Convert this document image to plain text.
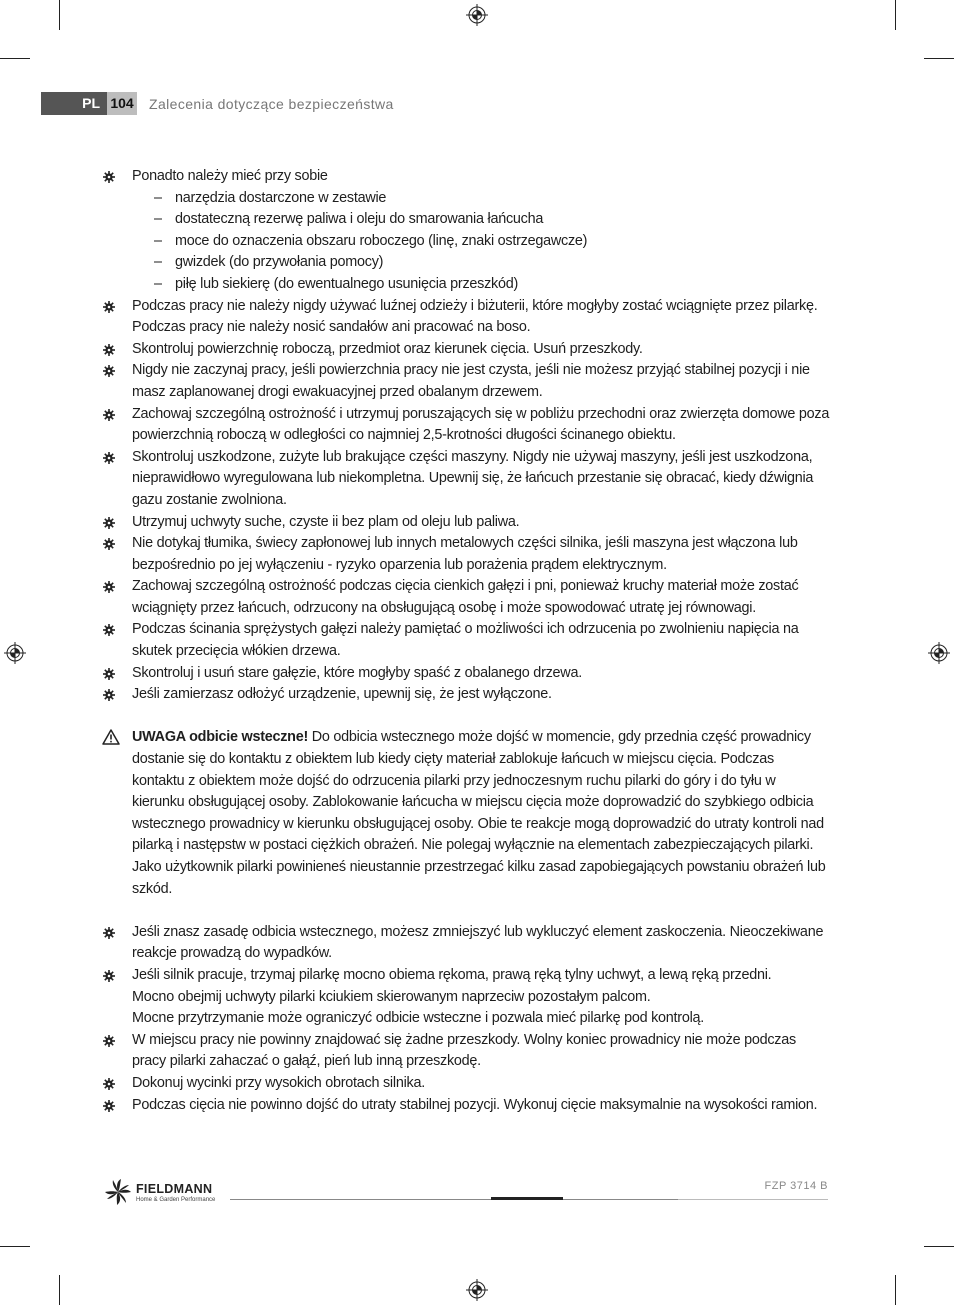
PL 104 Zalecenia dotyczące bezpieczeństwa
Ponadto należy mieć przy sobie
– narzędzia dostarczone w zestawie
– dostateczną rezerwę paliwa i oleju do smarowania łańcucha
– moce do oznaczenia obszaru roboczego (linę, znaki ostrzegawcze)
– gwizdek (do przywołania pomocy)
– piłę lub siekierę (do ewentualnego usunięcia przeszkód)
Podczas pracy nie należy nigdy używać luźnej odzieży i biżuterii, które mogłyby zostać wciągnięte przez pilarkę. Podczas pracy nie należy nosić sandałów ani pracować na boso.
Skontroluj powierzchnię roboczą, przedmiot oraz kierunek cięcia. Usuń przeszkody.
Nigdy nie zaczynaj pracy, jeśli powierzchnia pracy nie jest czysta, jeśli nie możesz przyjąć stabilnej pozycji i nie masz zaplanowanej drogi ewakuacyjnej przed obalanym drzewem.
Zachowaj szczególną ostrożność i utrzymuj poruszających się w pobliżu przechodni oraz zwierzęta domowe poza powierzchnią roboczą w odległości co najmniej 2,5-krotności długości ścinanego obiektu.
Skontroluj uszkodzone, zużyte lub brakujące części maszyny. Nigdy nie używaj maszyny, jeśli jest uszkodzona, nieprawidłowo wyregulowana lub niekompletna. Upewnij się, że łańcuch przestanie się obracać, kiedy dźwignia gazu zostanie zwolniona.
Utrzymuj uchwyty suche, czyste ii bez plam od oleju lub paliwa.
Nie dotykaj tłumika, świecy zapłonowej lub innych metalowych części silnika, jeśli maszyna jest włączona lub bezpośrednio po jej wyłączeniu - ryzyko oparzenia lub porażenia prądem elektrycznym.
Zachowaj szczególną ostrożność podczas cięcia cienkich gałęzi i pni, ponieważ kruchy materiał może zostać wciągnięty przez łańcuch, odrzucony na obsługującą osobę i może spowodować utratę jej równowagi.
Podczas ścinania sprężystych gałęzi należy pamiętać o możliwości ich odrzucenia po zwolnieniu napięcia na skutek przecięcia włókien drzewa.
Skontroluj i usuń stare gałęzie, które mogłyby spaść z obalanego drzewa.
Jeśli zamierzasz odłożyć urządzenie, upewnij się, że jest wyłączone.
UWAGA odbicie wsteczne! Do odbicia wstecznego może dojść w momencie, gdy przednia część prowadnicy dostanie się do kontaktu z obiektem lub kiedy cięty materiał zablokuje łańcuch w miejscu cięcia. Podczas kontaktu z obiektem może dojść do odrzucenia pilarki przy jednoczesnym ruchu pilarki do góry i do tyłu w kierunku obsługującej osoby. Zablokowanie łańcucha w miejscu cięcia może doprowadzić do szybkiego odbicia wstecznego prowadnicy w kierunku obsługującej osoby. Obie te reakcje mogą doprowadzić do utraty kontroli nad pilarką i następstw w postaci ciężkich obrażeń. Nie polegaj wyłącznie na elementach zabezpieczających pilarki. Jako użytkownik pilarki powinieneś nieustannie przestrzegać kilku zasad zapobiegających powstaniu obrażeń lub szkód.
Jeśli znasz zasadę odbicia wstecznego, możesz zmniejszyć lub wykluczyć element zaskoczenia. Nieoczekiwane reakcje prowadzą do wypadków.
Jeśli silnik pracuje, trzymaj pilarkę mocno obiema rękoma, prawą ręką tylny uchwyt, a lewą ręką przedni.
Mocno obejmij uchwyty pilarki kciukiem skierowanym naprzeciw pozostałym palcom.
Mocne przytrzymanie może ograniczyć odbicie wsteczne i pozwala mieć pilarkę pod kontrolą.
W miejscu pracy nie powinny znajdować się żadne przeszkody. Wolny koniec prowadnicy nie może podczas pracy pilarki zahaczać o gałąź, pień lub inną przeszkodę.
Dokonuj wycinki przy wysokich obrotach silnika.
Podczas cięcia nie powinno dojść do utraty stabilnej pozycji. Wykonuj cięcie maksymalnie na wysokości ramion.
FIELDMANN
Home & Garden Performance
FZP 3714 B
